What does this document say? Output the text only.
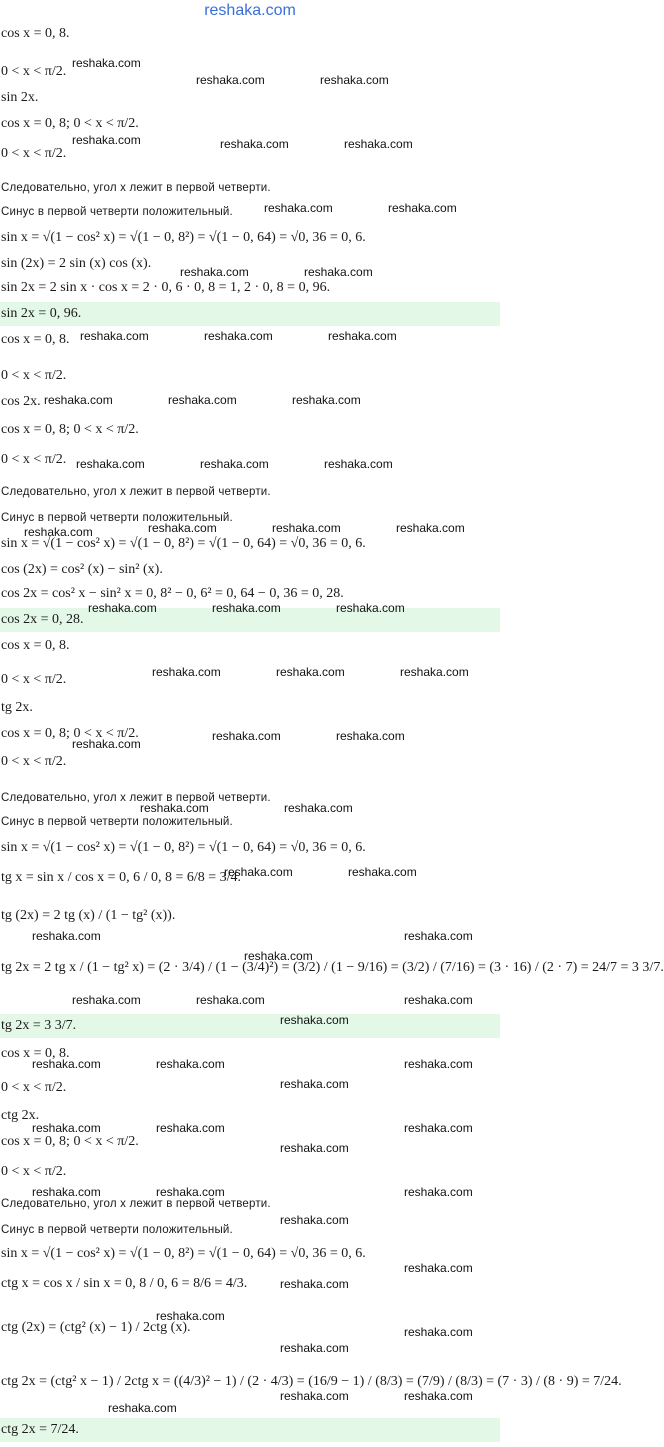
reshaka.com
cos x = 0, 8.
0 < x < π/2.
sin 2x.
cos x = 0, 8; 0 < x < π/2.
0 < x < π/2.
Следовательно, угол x лежит в первой четверти.
Синус в первой четверти положительный.
sin x = √(1 − cos² x) = √(1 − 0, 8²) = √(1 − 0, 64) = √0, 36 = 0, 6.
sin (2x) = 2 sin (x) cos (x).
sin 2x = 2 sin x · cos x = 2 · 0, 6 · 0, 8 = 1, 2 · 0, 8 = 0, 96.
sin 2x = 0, 96.
cos x = 0, 8.
0 < x < π/2.
cos 2x.
cos x = 0, 8; 0 < x < π/2.
0 < x < π/2.
Следовательно, угол x лежит в первой четверти.
Синус в первой четверти положительный.
sin x = √(1 − cos² x) = √(1 − 0, 8²) = √(1 − 0, 64) = √0, 36 = 0, 6.
cos (2x) = cos² (x) − sin² (x).
cos 2x = cos² x − sin² x = 0, 8² − 0, 6² = 0, 64 − 0, 36 = 0, 28.
cos 2x = 0, 28.
cos x = 0, 8.
0 < x < π/2.
tg 2x.
cos x = 0, 8; 0 < x < π/2.
0 < x < π/2.
Следовательно, угол x лежит в первой четверти.
Синус в первой четверти положительный.
sin x = √(1 − cos² x) = √(1 − 0, 8²) = √(1 − 0, 64) = √0, 36 = 0, 6.
tg x = sin x / cos x = 0, 6 / 0, 8 = 6/8 = 3/4.
tg (2x) = 2 tg (x) / (1 − tg² (x)).
tg 2x = 2 tg x / (1 − tg² x) = (2 · 3/4) / (1 − (3/4)²) = (3/2) / (1 − 9/16) = (3/2) / (7/16) = (3 · 16) / (2 · 7) = 24/7 = 3 3/7.
tg 2x = 3 3/7.
cos x = 0, 8.
0 < x < π/2.
ctg 2x.
cos x = 0, 8; 0 < x < π/2.
0 < x < π/2.
Следовательно, угол x лежит в первой четверти.
Синус в первой четверти положительный.
sin x = √(1 − cos² x) = √(1 − 0, 8²) = √(1 − 0, 64) = √0, 36 = 0, 6.
ctg x = cos x / sin x = 0, 8 / 0, 6 = 8/6 = 4/3.
ctg (2x) = (ctg² (x) − 1) / 2ctg (x).
ctg 2x = (ctg² x − 1) / 2ctg x = ((4/3)² − 1) / (2 · 4/3) = (16/9 − 1) / (8/3) = (7/9) / (8/3) = (7 · 3) / (8 · 9) = 7/24.
ctg 2x = 7/24.
reshaka.com
reshaka.com	reshaka.com
reshaka.com	reshaka.com	reshaka.com
reshaka.com	reshaka.com
reshaka.com	reshaka.com
reshaka.com	reshaka.com	reshaka.com
reshaka.com	reshaka.com	reshaka.com
reshaka.com	reshaka.com	reshaka.com
reshaka.com	reshaka.com	reshaka.com	reshaka.com
reshaka.com	reshaka.com	reshaka.com
reshaka.com	reshaka.com	reshaka.com
reshaka.com
reshaka.com	reshaka.com
reshaka.com	reshaka.com
reshaka.com	reshaka.com
reshaka.com
reshaka.com
reshaka.com
reshaka.com	reshaka.com	reshaka.com
reshaka.com
reshaka.com	reshaka.com
reshaka.com
reshaka.com
reshaka.com	reshaka.com
reshaka.com
reshaka.com
reshaka.com	reshaka.com	reshaka.com
reshaka.com
reshaka.com
reshaka.com
reshaka.com
reshaka.com
reshaka.com
reshaka.com
reshaka.com	reshaka.com
